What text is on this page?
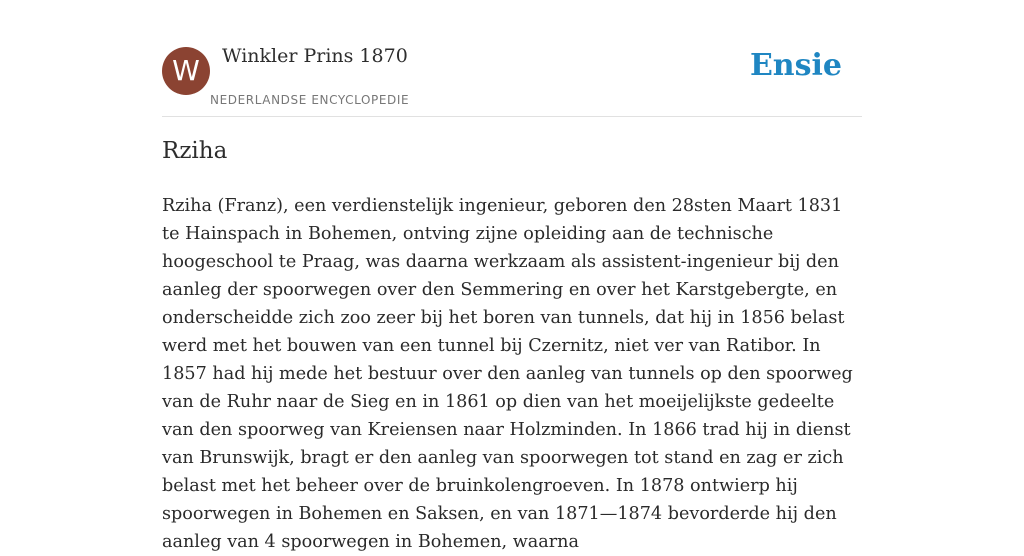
W	Winkler Prins 1870
NEDERLANDSE ENCYCLOPEDIE
Ensie
Rziha

Rziha (Franz), een verdienstelijk ingenieur, geboren den 28sten Maart 1831 te Hainspach in Bohemen, ontving zijne opleiding aan de technische hoogeschool te Praag, was daarna werkzaam als assistent-ingenieur bij den aanleg der spoorwegen over den Semmering en over het Karstgebergte, en onderscheidde zich zoo zeer bij het boren van tunnels, dat hij in 1856 belast werd met het bouwen van een tunnel bij Czernitz, niet ver van Ratibor. In 1857 had hij mede het bestuur over den aanleg van tunnels op den spoorweg van de Ruhr naar de Sieg en in 1861 op dien van het moeijelijkste gedeelte van den spoorweg van Kreiensen naar Holzminden. In 1866 trad hij in dienst van Brunswijk, bragt er den aanleg van spoorwegen tot stand en zag er zich belast met het beheer over de bruinkolengroeven. In 1878 ontwierp hij spoorwegen in Bohemen en Saksen, en van 1871—1874 bevorderde hij den aanleg van 4 spoorwegen in Bohemen, waarna
